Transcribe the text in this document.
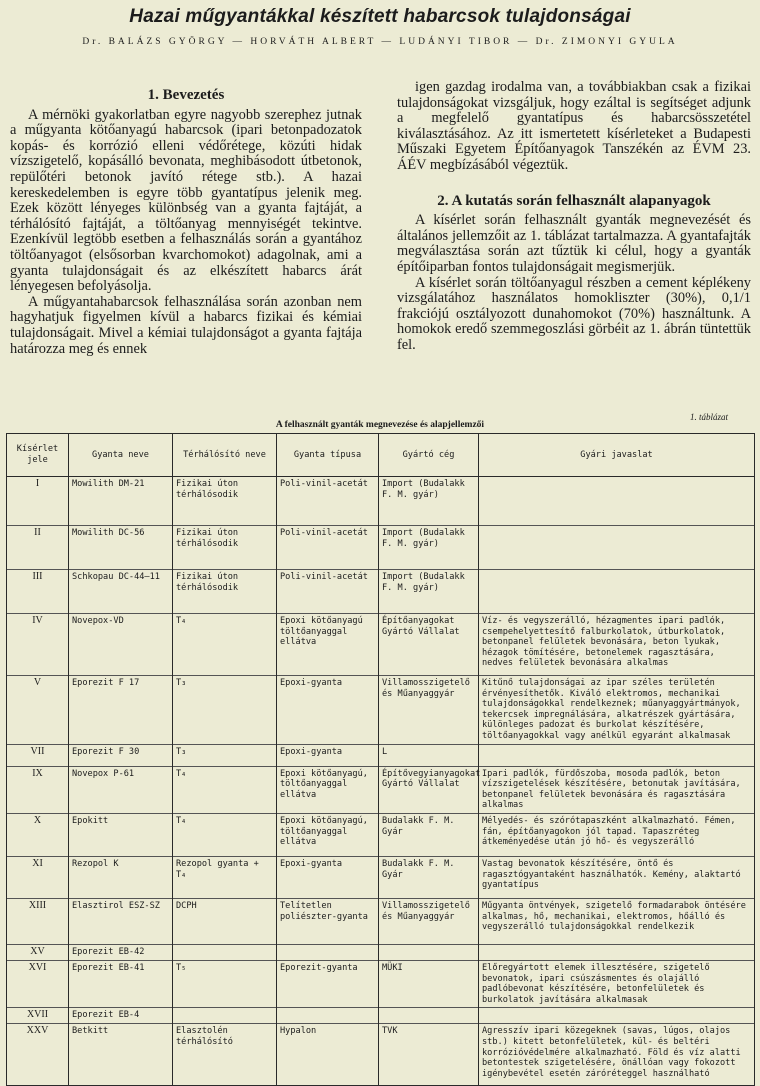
Hazai műgyantákkal készített habarcsok tulajdonságai
Dr. BALÁZS GYÖRGY — HORVÁTH ALBERT — LUDÁNYI TIBOR — Dr. ZIMONYI GYULA
1. Bevezetés

A mérnöki gyakorlatban egyre nagyobb szerephez jutnak a műgyanta kötőanyagú habarcsok (ipari betonpadozatok kopás- és korrózió elleni védőrétege, közúti hidak vízszigetelő, kopásálló bevonata, meghibásodott útbetonok, repülőtéri betonok javító rétege stb.). A hazai kereskedelemben is egyre több gyantatípus jelenik meg. Ezek között lényeges különbség van a gyanta fajtáját, a térhálósító fajtáját, a töltőanyag mennyiségét tekintve. Ezenkívül legtöbb esetben a felhasználás során a gyantához töltőanyagot (elsősorban kvarchomokot) adagolnak, ami a gyanta tulajdonságait és az elkészített habarcs árát lényegesen befolyásolja.

A műgyantahabarcsok felhasználása során azonban nem hagyhatjuk figyelmen kívül a habarcs fizikai és kémiai tulajdonságait. Mivel a kémiai tulajdonságot a gyanta fajtája határozza meg és ennek

igen gazdag irodalma van, a továbbiakban csak a fizikai tulajdonságokat vizsgáljuk, hogy ezáltal is segítséget adjunk a megfelelő gyantatípus és habarcsösszetétel kiválasztásához. Az itt ismertetett kísérleteket a Budapesti Műszaki Egyetem Építőanyagok Tanszékén az ÉVM 23. ÁÉV megbízásából végeztük.

2. A kutatás során felhasznált alapanyagok

A kísérlet során felhasznált gyanták megnevezését és általános jellemzőit az 1. táblázat tartalmazza. A gyantafajták megválasztása során azt tűztük ki célul, hogy a gyanták építőiparban fontos tulajdonságait megismerjük.

A kísérlet során töltőanyagul részben a cement képlékeny vizsgálatához használatos homokliszter (30%), 0,1/1 frakciójú osztályozott dunahomokot (70%) használtunk. A homokok eredő szemmegoszlási görbéit az 1. ábrán tüntettük fel.

1. táblázat
A felhasznált gyanták megnevezése és alapjellemzői
Kísérlet jele	Gyanta neve	Térhálósító neve	Gyanta típusa	Gyártó cég	Gyári javaslat
I	Mowilith DM-21	Fizikai úton térhálósodik	Poli-vinil-acetát	Import (Budalakk F. M. gyár)	
II	Mowilith DC-56	Fizikai úton térhálósodik	Poli-vinil-acetát	Import (Budalakk F. M. gyár)	
III	Schkopau DC-44—11	Fizikai úton térhálósodik	Poli-vinil-acetát	Import (Budalakk F. M. gyár)	
IV	Novepox-VD	T₄	Epoxi kötőanyagú töltőanyaggal ellátva	Építőanyagokat Gyártó Vállalat	Víz- és vegyszerálló, hézagmentes ipari padlók, csempehelyettesítő falburkolatok, útburkolatok, betonpanel felületek bevonására, beton lyukak, hézagok tömítésére, betonelemek ragasztására, nedves felületek bevonására alkalmas
V	Eporezit F 17	T₃	Epoxi-gyanta	Villamosszigetelő és Műanyaggyár	Kitűnő tulajdonságai az ipar széles területén érvényesíthetők. Kiváló elektromos, mechanikai tulajdonságokkal rendelkeznek; műanyaggyártmányok, tekercsek impregnálására, alkatrészek gyártására, különleges padozat és burkolat készítésére, töltőanyagokkal vagy anélkül egyaránt alkalmasak
VII	Eporezit F 30	T₃	Epoxi-gyanta	L	
IX	Novepox P-61	T₄	Epoxi kötőanyagú, töltőanyaggal ellátva	Építővegyianyagokat Gyártó Vállalat	Ipari padlók, fürdőszoba, mosoda padlók, beton vízszigetelések készítésére, betonutak javítására, betonpanel felületek bevonására és ragasztására alkalmas
X	Epokitt	T₄	Epoxi kötőanyagú, töltőanyaggal ellátva	Budalakk F. M. Gyár	Mélyedés- és szórótapaszként alkalmazható. Fémen, fán, építőanyagokon jól tapad. Tapaszréteg átkeményedése után jó hő- és vegyszerálló
XI	Rezopol K	Rezopol gyanta + T₄	Epoxi-gyanta	Budalakk F. M. Gyár	Vastag bevonatok készítésére, öntő és ragasztógyantaként használhatók. Kemény, alaktartó gyantatípus
XIII	Elasztirol ESZ-SZ	DCPH	Telítetlen poliészter-gyanta	Villamosszigetelő és Műanyaggyár	Műgyanta öntvények, szigetelő formadarabok öntésére alkalmas, hő, mechanikai, elektromos, hőálló és vegyszerálló tulajdonságokkal rendelkezik
XV	Eporezit EB-42				
XVI	Eporezit EB-41	T₅	Eporezit-gyanta	MÜKI	Előregyártott elemek illesztésére, szigetelő bevonatok, ipari csúszásmentes és olajálló padlóbevonat készítésére, betonfelületek és burkolatok javítására alkalmasak
XVII	Eporezit EB-4				
XXV	Betkitt	Elasztolén térhálósító	Hypalon	TVK	Agresszív ipari közegeknek (savas, lúgos, olajos stb.) kitett betonfelületek, kül- és beltéri korrózióvédelmére alkalmazható. Föld és víz alatti betontestek szigetelésére, önállóan vagy fokozott igénybevétel esetén záróréteggel használható
